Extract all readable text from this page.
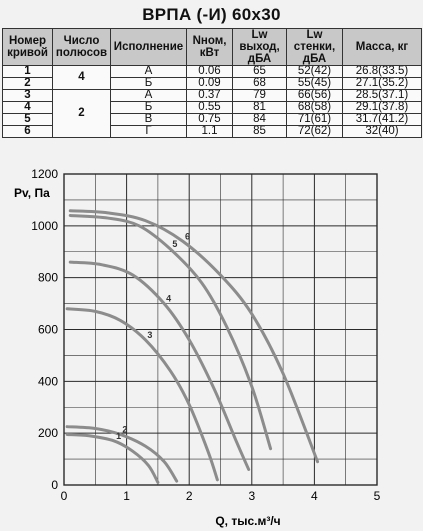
ВРПА (-И) 60x30
Номер кривой	Число полюсов	Исполнение	Nном, кВт	Lw выход, дБА	Lw стенки, дБА	Масса, кг
1	4	А	0.06	65	52(42)	26.8(33.5)
2		Б	0.09	68	55(45)	27.1(35.2)
3	2	А	0.37	79	66(56)	28.5(37.1)
4		Б	0.55	81	68(58)	29.1(37.8)
5		В	0.75	84	71(61)	31.7(41.2)
6		Г	1.1	85	72(62)	32(40)
1
2
3
4
5
6
0	1	2	3	4	5
0
200
400
600
800
1000
1200
Pv, Па
Q, тыс.м³/ч
